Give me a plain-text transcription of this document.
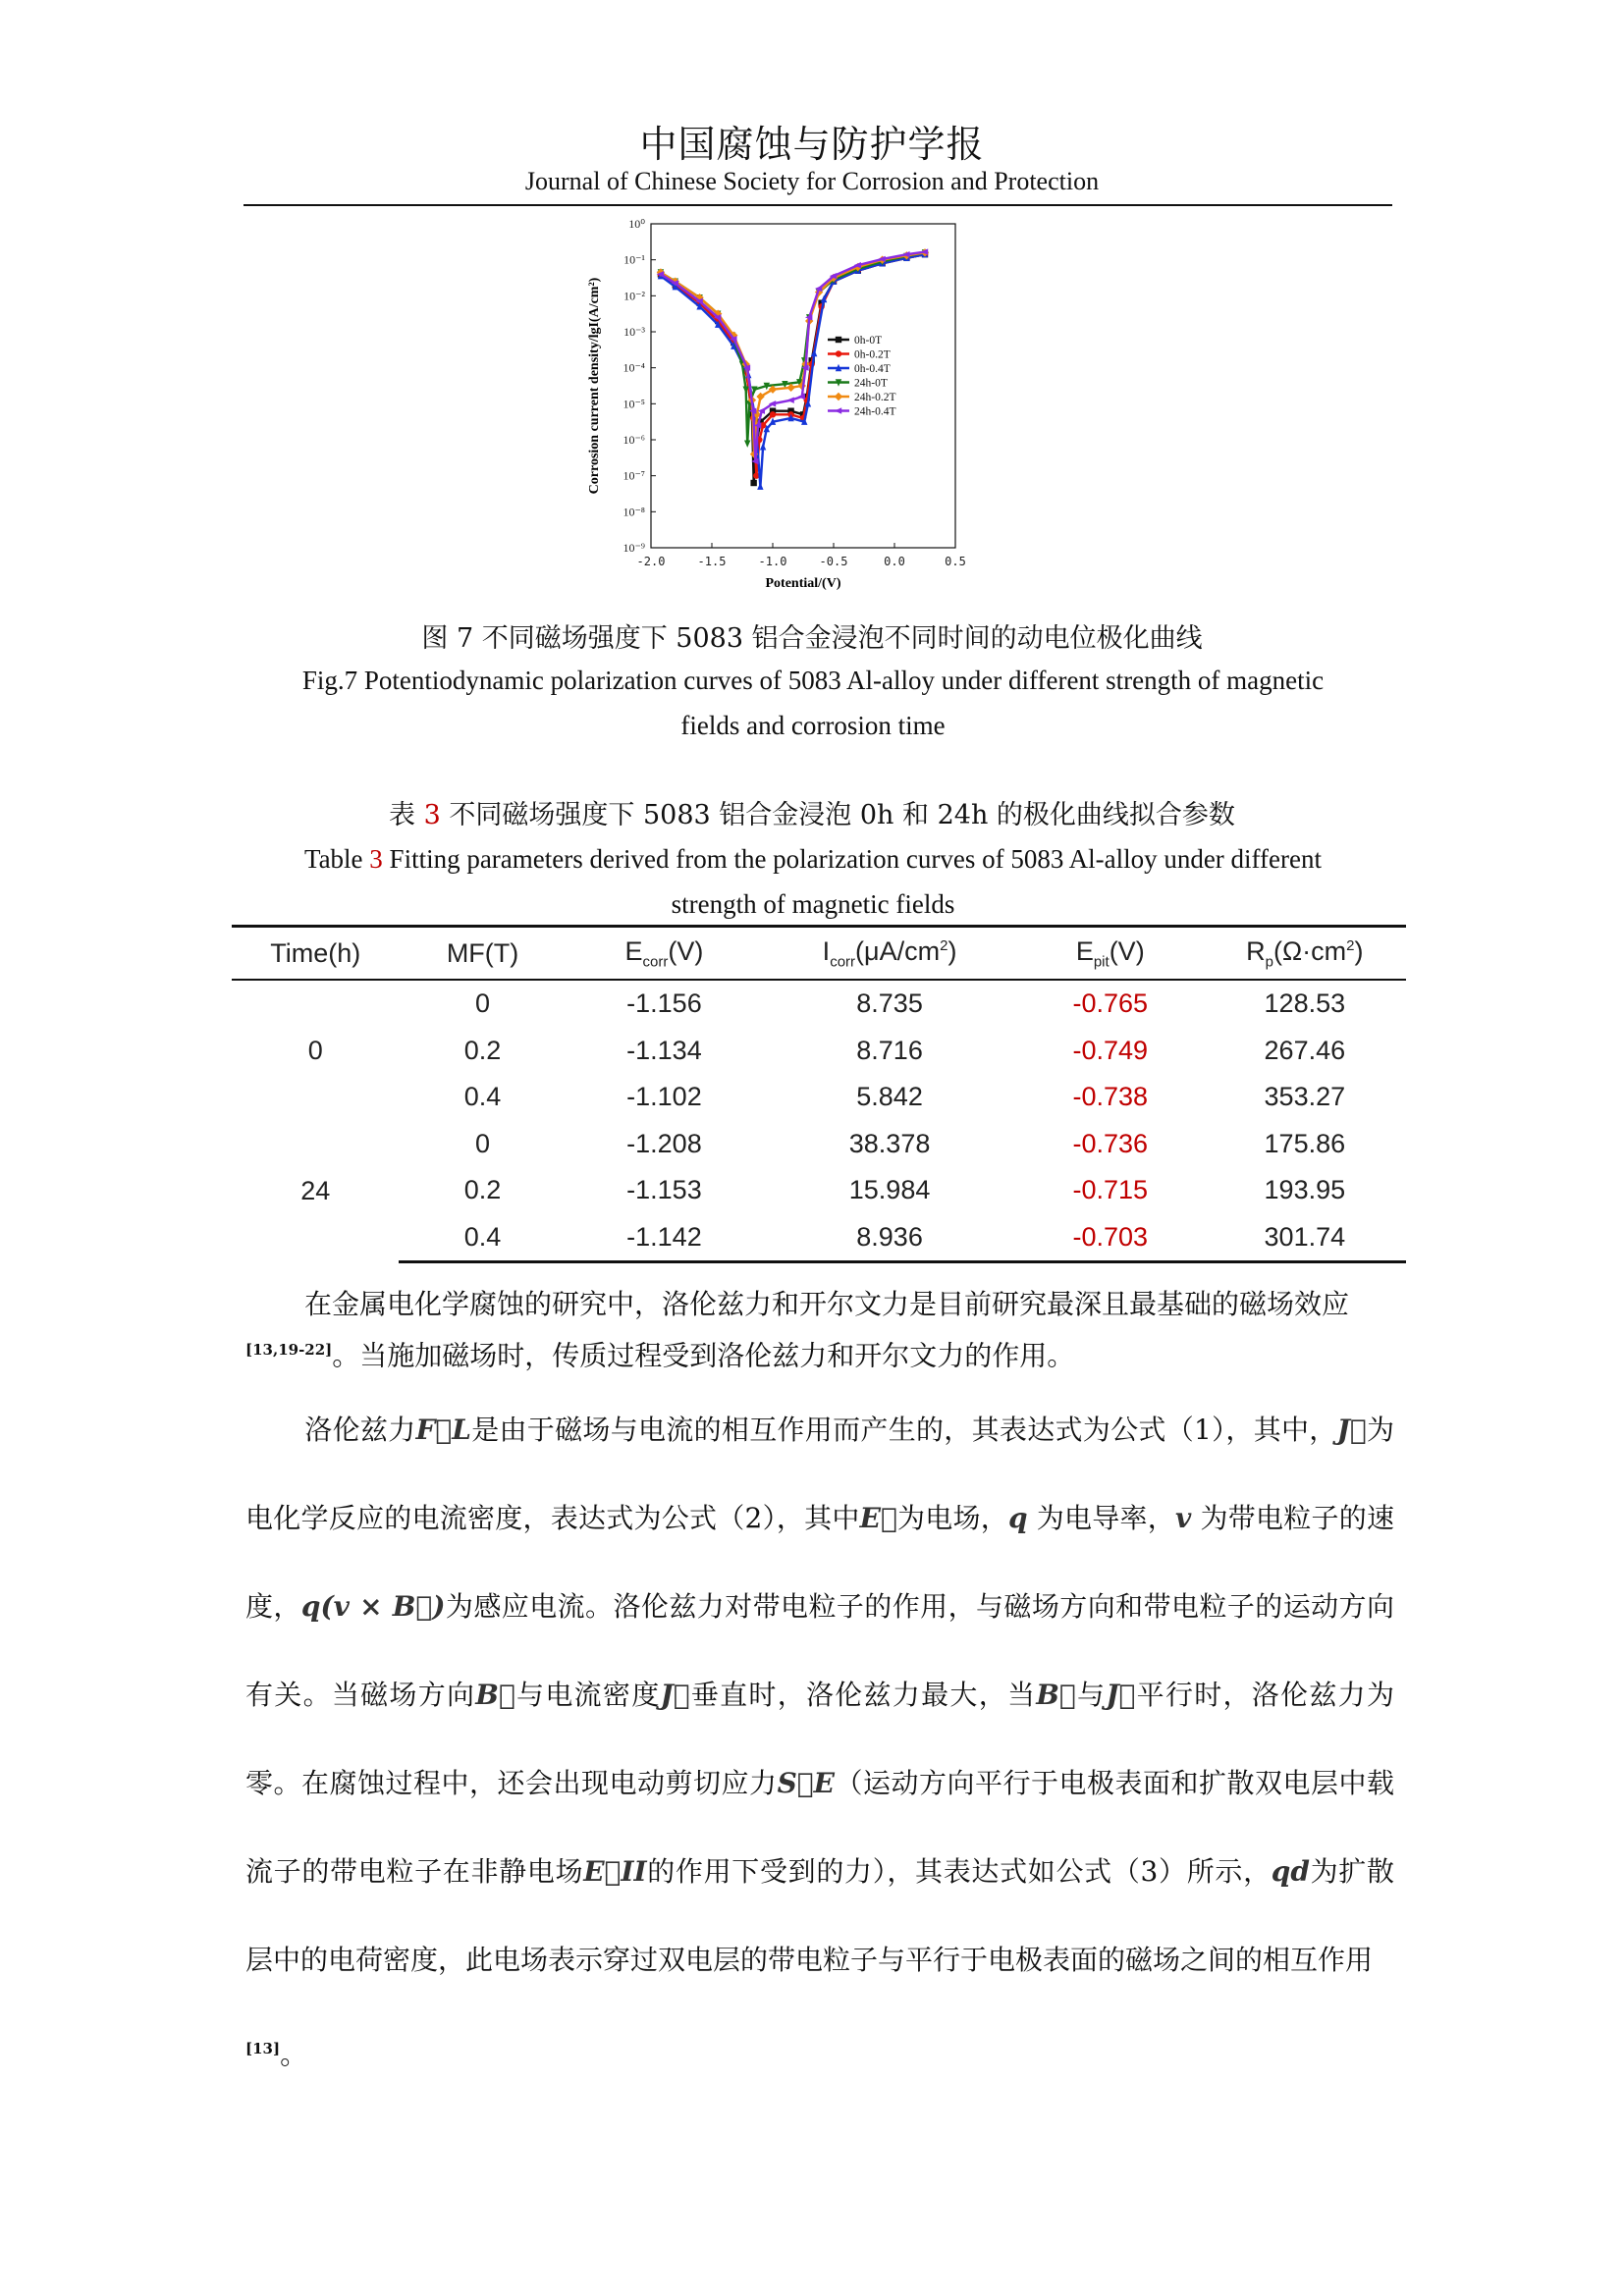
中国腐蚀与防护学报
Journal of Chinese Society for Corrosion and Protection
-2.0	-1.5	-1.0	-0.5	0.0	0.5
10⁰
10⁻¹
10⁻²
10⁻³
10⁻⁴
10⁻⁵
10⁻⁶
10⁻⁷
10⁻⁸
10⁻⁹
0h-0T
0h-0.2T
0h-0.4T
24h-0T
24h-0.2T
24h-0.4T
Potential/(V)
Corrosion current density/lgI(A/cm²)
图 7 不同磁场强度下 5083 铝合金浸泡不同时间的动电位极化曲线
Fig.7 Potentiodynamic polarization curves of 5083 Al-alloy under different strength of magnetic
fields and corrosion time
表 3 不同磁场强度下 5083 铝合金浸泡 0h 和 24h 的极化曲线拟合参数
Table 3 Fitting parameters derived from the polarization curves of 5083 Al-alloy under different
strength of magnetic fields
Time(h)	MF(T)	$E_{corr}(V)$	$I_{corr}(\mu A/cm^2)$	$E_{pit}(V)$	$R_p(\Omega\cdot cm^2)$
0	0	-1.156	8.735	-0.765	128.53
	0.2	-1.134	8.716	-0.749	267.46
	0.4	-1.102	5.842	-0.738	353.27
24	0	-1.208	38.378	-0.736	175.86
	0.2	-1.153	15.984	-0.715	193.95
	0.4	-1.142	8.936	-0.703	301.74
在金属电化学腐蚀的研究中，洛伦兹力和开尔文力是目前研究最深且最基础的磁场效应
[13,19-22]。当施加磁场时，传质过程受到洛伦兹力和开尔文力的作用。
洛伦兹力F⃗L是由于磁场与电流的相互作用而产生的，其表达式为公式（1），其中，J⃗为电化学反应的电流密度，表达式为公式（2），其中E⃗为电场，q 为电导率，v 为带电粒子的速度，q(v × B⃗)为感应电流。洛伦兹力对带电粒子的作用，与磁场方向和带电粒子的运动方向有关。当磁场方向B⃗与电流密度J⃗垂直时，洛伦兹力最大，当B⃗与J⃗平行时，洛伦兹力为零。在腐蚀过程中，还会出现电动剪切应力S⃗E（运动方向平行于电极表面和扩散双电层中载流子的带电粒子在非静电场E⃗II的作用下受到的力），其表达式如公式（3）所示，qd为扩散层中的电荷密度，此电场表示穿过双电层的带电粒子与平行于电极表面的磁场之间的相互作用
[13]。
